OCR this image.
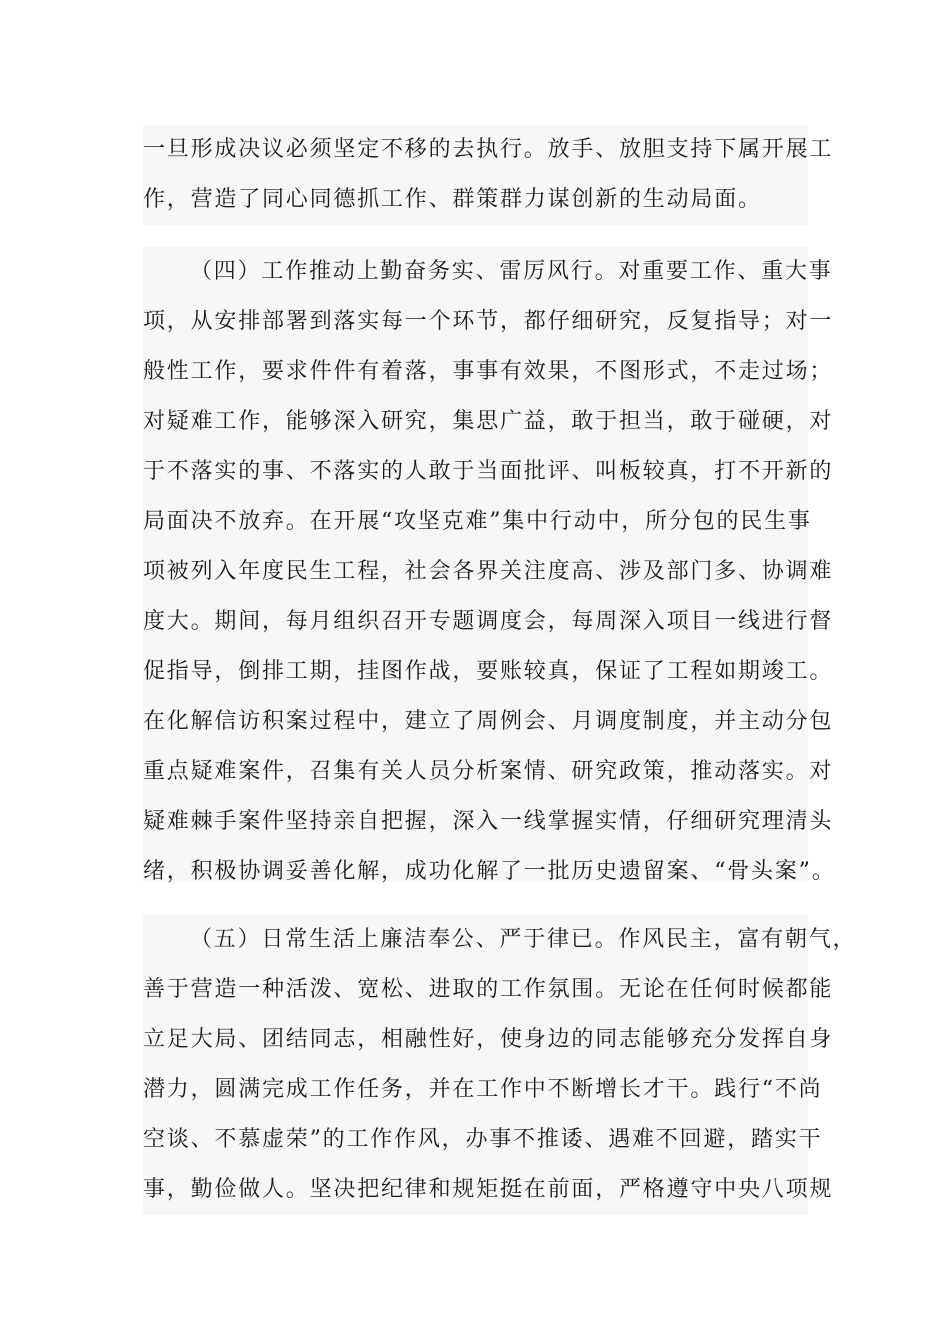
一旦形成决议必须坚定不移的去执行。放手、放胆支持下属开展工
作，营造了同心同德抓工作、群策群力谋创新的生动局面。
（四）工作推动上勤奋务实、雷厉风行。对重要工作、重大事
项，从安排部署到落实每一个环节，都仔细研究，反复指导；对一
般性工作，要求件件有着落，事事有效果，不图形式，不走过场；
对疑难工作，能够深入研究，集思广益，敢于担当，敢于碰硬，对
于不落实的事、不落实的人敢于当面批评、叫板较真，打不开新的
局面决不放弃。在开展“攻坚克难”集中行动中，所分包的民生事
项被列入年度民生工程，社会各界关注度高、涉及部门多、协调难
度大。期间，每月组织召开专题调度会，每周深入项目一线进行督
促指导，倒排工期，挂图作战，要账较真，保证了工程如期竣工。
在化解信访积案过程中，建立了周例会、月调度制度，并主动分包
重点疑难案件，召集有关人员分析案情、研究政策，推动落实。对
疑难棘手案件坚持亲自把握，深入一线掌握实情，仔细研究理清头
绪，积极协调妥善化解，成功化解了一批历史遗留案、“骨头案”。
（五）日常生活上廉洁奉公、严于律已。作风民主，富有朝气，
善于营造一种活泼、宽松、进取的工作氛围。无论在任何时候都能
立足大局、团结同志，相融性好，使身边的同志能够充分发挥自身
潜力，圆满完成工作任务，并在工作中不断增长才干。践行“不尚
空谈、不慕虚荣”的工作作风，办事不推诿、遇难不回避，踏实干
事，勤俭做人。坚决把纪律和规矩挺在前面，严格遵守中央八项规
